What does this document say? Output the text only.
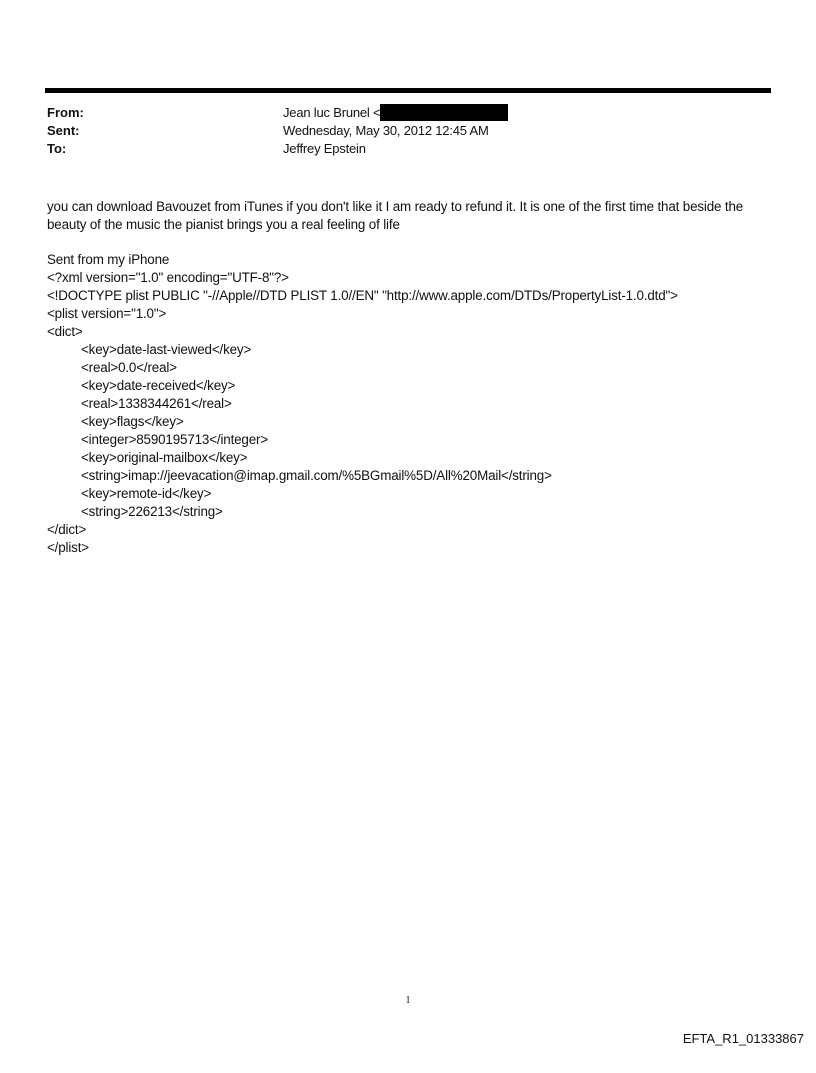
From:	Jean luc Brunel <
Sent:	Wednesday, May 30, 2012 12:45 AM
To:	Jeffrey Epstein
you can download Bavouzet from iTunes if you don't like it I am ready to refund it. It is one of the first time that beside the beauty of the music the pianist brings you a real feeling of life
Sent from my iPhone
<?xml version="1.0" encoding="UTF-8"?>
<!DOCTYPE plist PUBLIC "-//Apple//DTD PLIST 1.0//EN" "http://www.apple.com/DTDs/PropertyList-1.0.dtd">
<plist version="1.0">
<dict>
<key>date-last-viewed</key>
<real>0.0</real>
<key>date-received</key>
<real>1338344261</real>
<key>flags</key>
<integer>8590195713</integer>
<key>original-mailbox</key>
<string>imap://jeevacation@imap.gmail.com/%5BGmail%5D/All%20Mail</string>
<key>remote-id</key>
<string>226213</string>
</dict>
</plist>
1
EFTA_R1_01333867
